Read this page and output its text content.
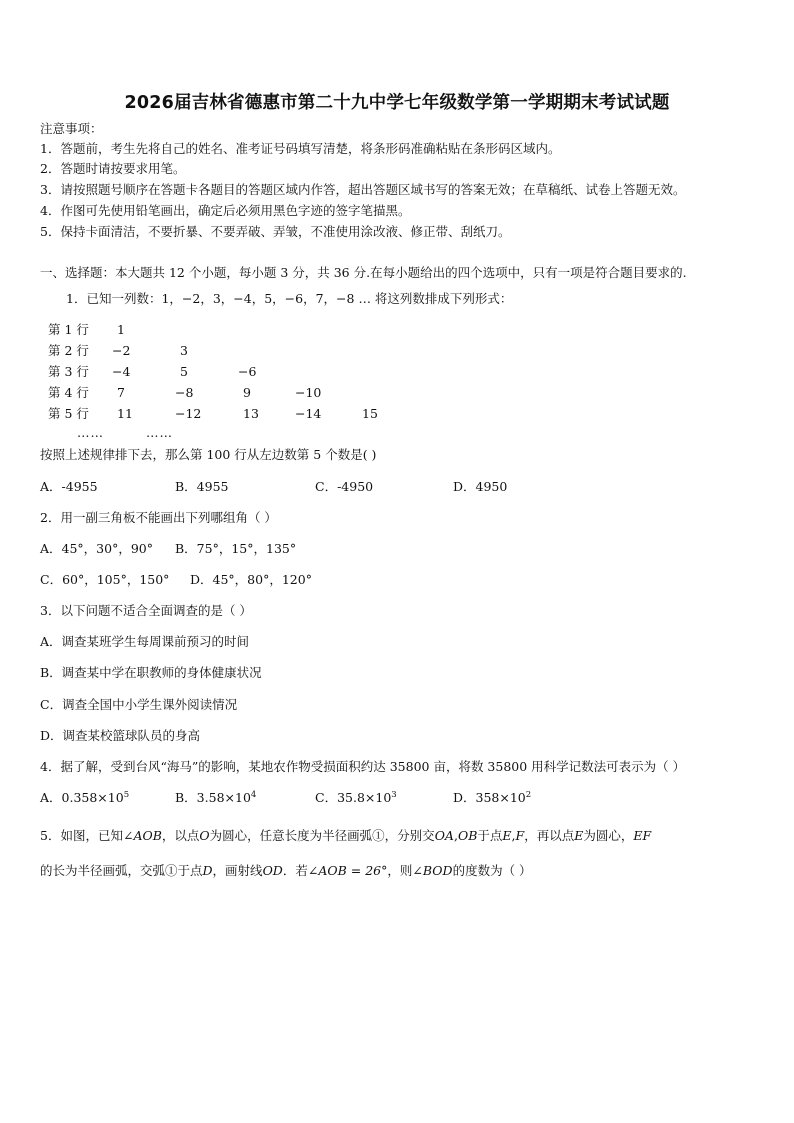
2026届吉林省德惠市第二十九中学七年级数学第一学期期末考试试题
注意事项：
1．答题前，考生先将自己的姓名、准考证号码填写清楚，将条形码准确粘贴在条形码区域内。
2．答题时请按要求用笔。
3．请按照题号顺序在答题卡各题目的答题区域内作答，超出答题区域书写的答案无效；在草稿纸、试卷上答题无效。
4．作图可先使用铅笔画出，确定后必须用黑色字迹的签字笔描黑。
5．保持卡面清洁，不要折暴、不要弄破、弄皱，不准使用涂改液、修正带、刮纸刀。
一、选择题：本大题共 12 个小题，每小题 3 分，共 36 分.在每小题给出的四个选项中，只有一项是符合题目要求的.
1．已知一列数：1，−2，3，−4，5，−6，7，−8 … 将这列数排成下列形式：
第 1 行 1
第 2 行 −2	3
第 3 行 −4	5	−6
第 4 行 7	−8	9	−10
第 5 行 11	−12	13	−14	15
……	……
按照上述规律排下去，那么第 100 行从左边数第 5 个数是( )
A．-4955	B．4955	C．-4950	D．4950
2．用一副三角板不能画出下列哪组角（ ）
A．45°，30°，90° B．75°，15°，135°
C．60°，105°，150° D．45°，80°，120°
3．以下问题不适合全面调查的是（ ）
A．调查某班学生每周课前预习的时间
B．调查某中学在职教师的身体健康状况
C．调查全国中小学生课外阅读情况
D．调查某校篮球队员的身高
4．据了解，受到台风“海马”的影响，某地农作物受损面积约达 35800 亩，将数 35800 用科学记数法可表示为（ ）
A．$0.358\times 10^5$	B．$3.58\times 10^4$	C．$35.8\times 10^3$	D．$358\times 10^2$
5．如图，已知∠AOB，以点O为圆心，任意长度为半径画弧①，分别交OA,OB于点E,F，再以点E为圆心，EF
的长为半径画弧，交弧①于点D，画射线OD．若∠AOB = 26°，则∠BOD的度数为（ ）
